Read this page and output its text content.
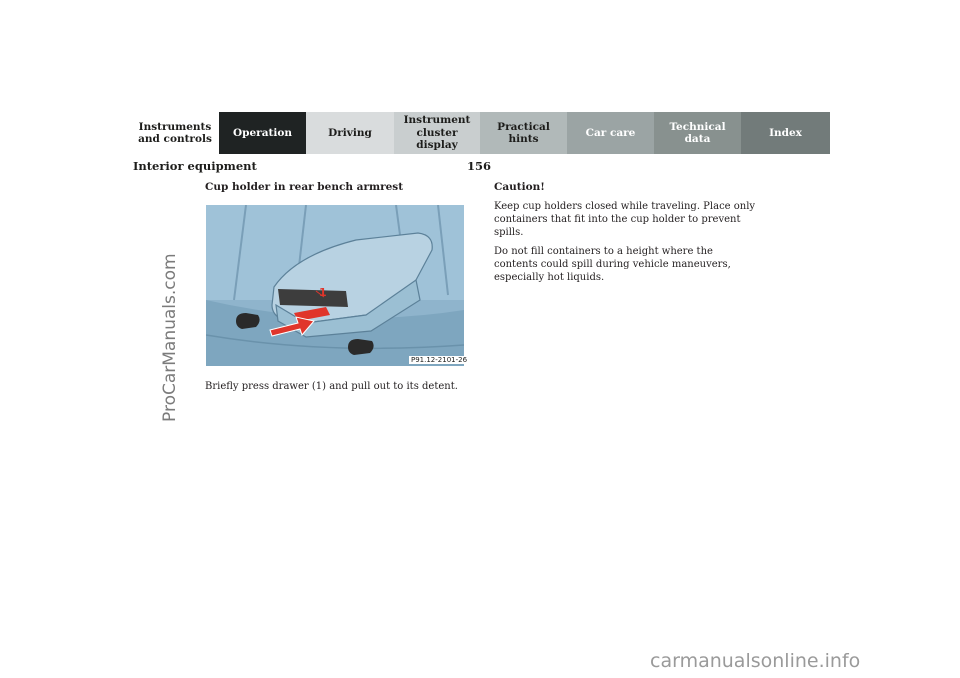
Instruments
and controls
Operation	Driving
Instrument
cluster display
Practical hints
Car care
Technical
data
Index
Interior equipment	156
Cup holder in rear bench armrest
1
P91.12-2101-26
Briefly press drawer (1) and pull out to its detent.
Caution!

Keep cup holders closed while traveling. Place only containers that fit into the cup holder to prevent spills.

Do not fill containers to a height where the contents could spill during vehicle maneuvers, especially hot liquids.

ProCarManuals.com
carmanualsonline.info
